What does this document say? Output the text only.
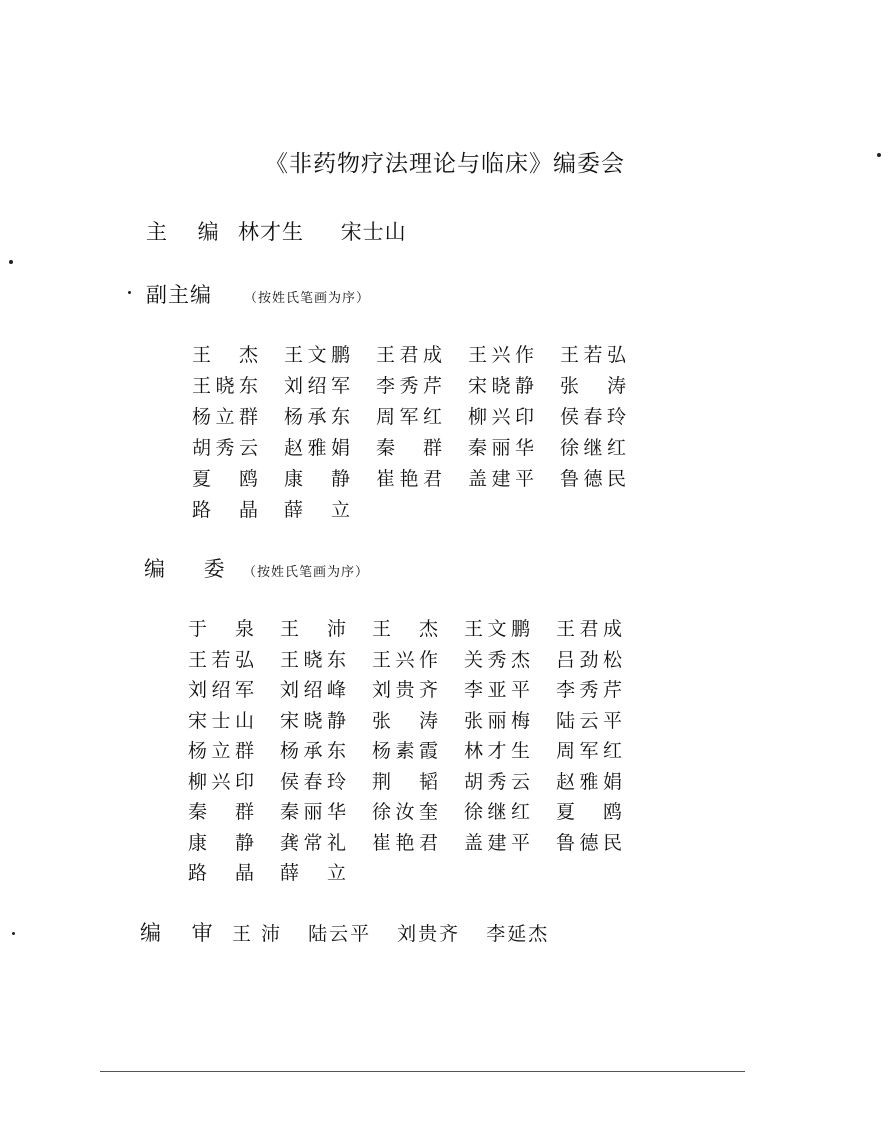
《非药物疗法理论与临床》编委会
主 编 林才生 宋士山
副主编 （按姓氏笔画为序）
王 杰 王 文 鹏 王 君 成 王 兴 作 王 若 弘
王 晓 东 刘 绍 军 李 秀 芹 宋 晓 静 张 涛
杨 立 群 杨 承 东 周 军 红 柳 兴 印 侯 春 玲
胡 秀 云 赵 雅 娟 秦 群 秦 丽 华 徐 继 红
夏 鸥 康 静 崔 艳 君 盖 建 平 鲁 德 民
路 晶 薛 立
编 委 （按姓氏笔画为序）
于 泉 王 沛 王 杰 王 文 鹏 王 君 成
王 若 弘 王 晓 东 王 兴 作 关 秀 杰 吕 劲 松
刘 绍 军 刘 绍 峰 刘 贵 齐 李 亚 平 李 秀 芹
宋 士 山 宋 晓 静 张 涛 张 丽 梅 陆 云 平
杨 立 群 杨 承 东 杨 素 霞 林 才 生 周 军 红
柳 兴 印 侯 春 玲 荆 韬 胡 秀 云 赵 雅 娟
秦 群 秦 丽 华 徐 汝 奎 徐 继 红 夏 鸥
康 静 龚 常 礼 崔 艳 君 盖 建 平 鲁 德 民
路 晶 薛 立
编 审 王 沛 陆云平 刘贵齐 李延杰
